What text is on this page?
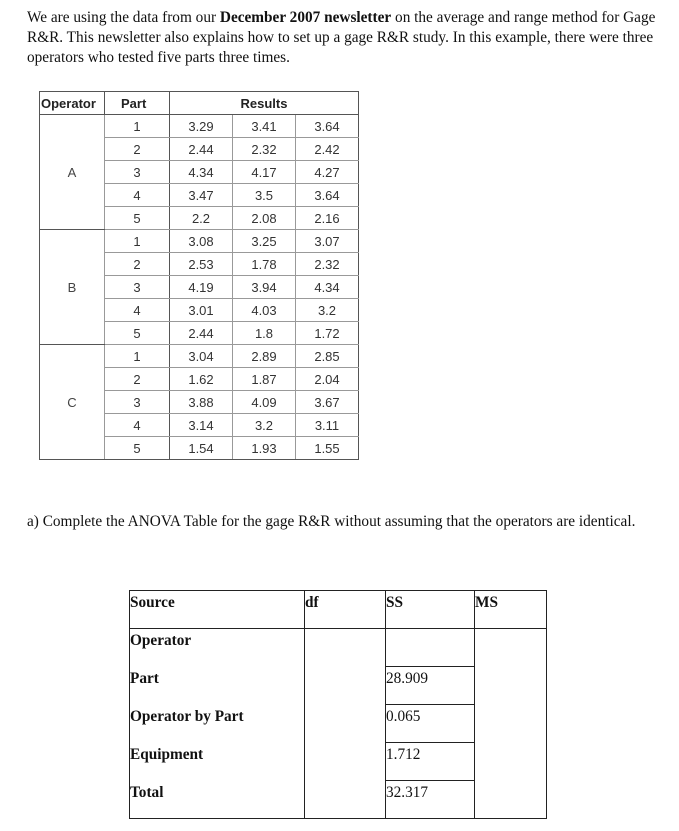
We are using the data from our December 2007 newsletter on the average and range method for Gage R&R. This newsletter also explains how to set up a gage R&R study. In this example, there were three operators who tested five parts three times.

Operator	Part	Results		
A	1	3.29	3.41	3.64
	2	2.44	2.32	2.42
	3	4.34	4.17	4.27
	4	3.47	3.5	3.64
	5	2.2	2.08	2.16
B	1	3.08	3.25	3.07
	2	2.53	1.78	2.32
	3	4.19	3.94	4.34
	4	3.01	4.03	3.2
	5	2.44	1.8	1.72
C	1	3.04	2.89	2.85
	2	1.62	1.87	2.04
	3	3.88	4.09	3.67
	4	3.14	3.2	3.11
	5	1.54	1.93	1.55

a) Complete the ANOVA Table for the gage R&R without assuming that the operators are identical.

Source	df	SS	MS

Operator			

Part		28.909	

Operator by Part		0.065	

Equipment		1.712	

Total		32.317	
